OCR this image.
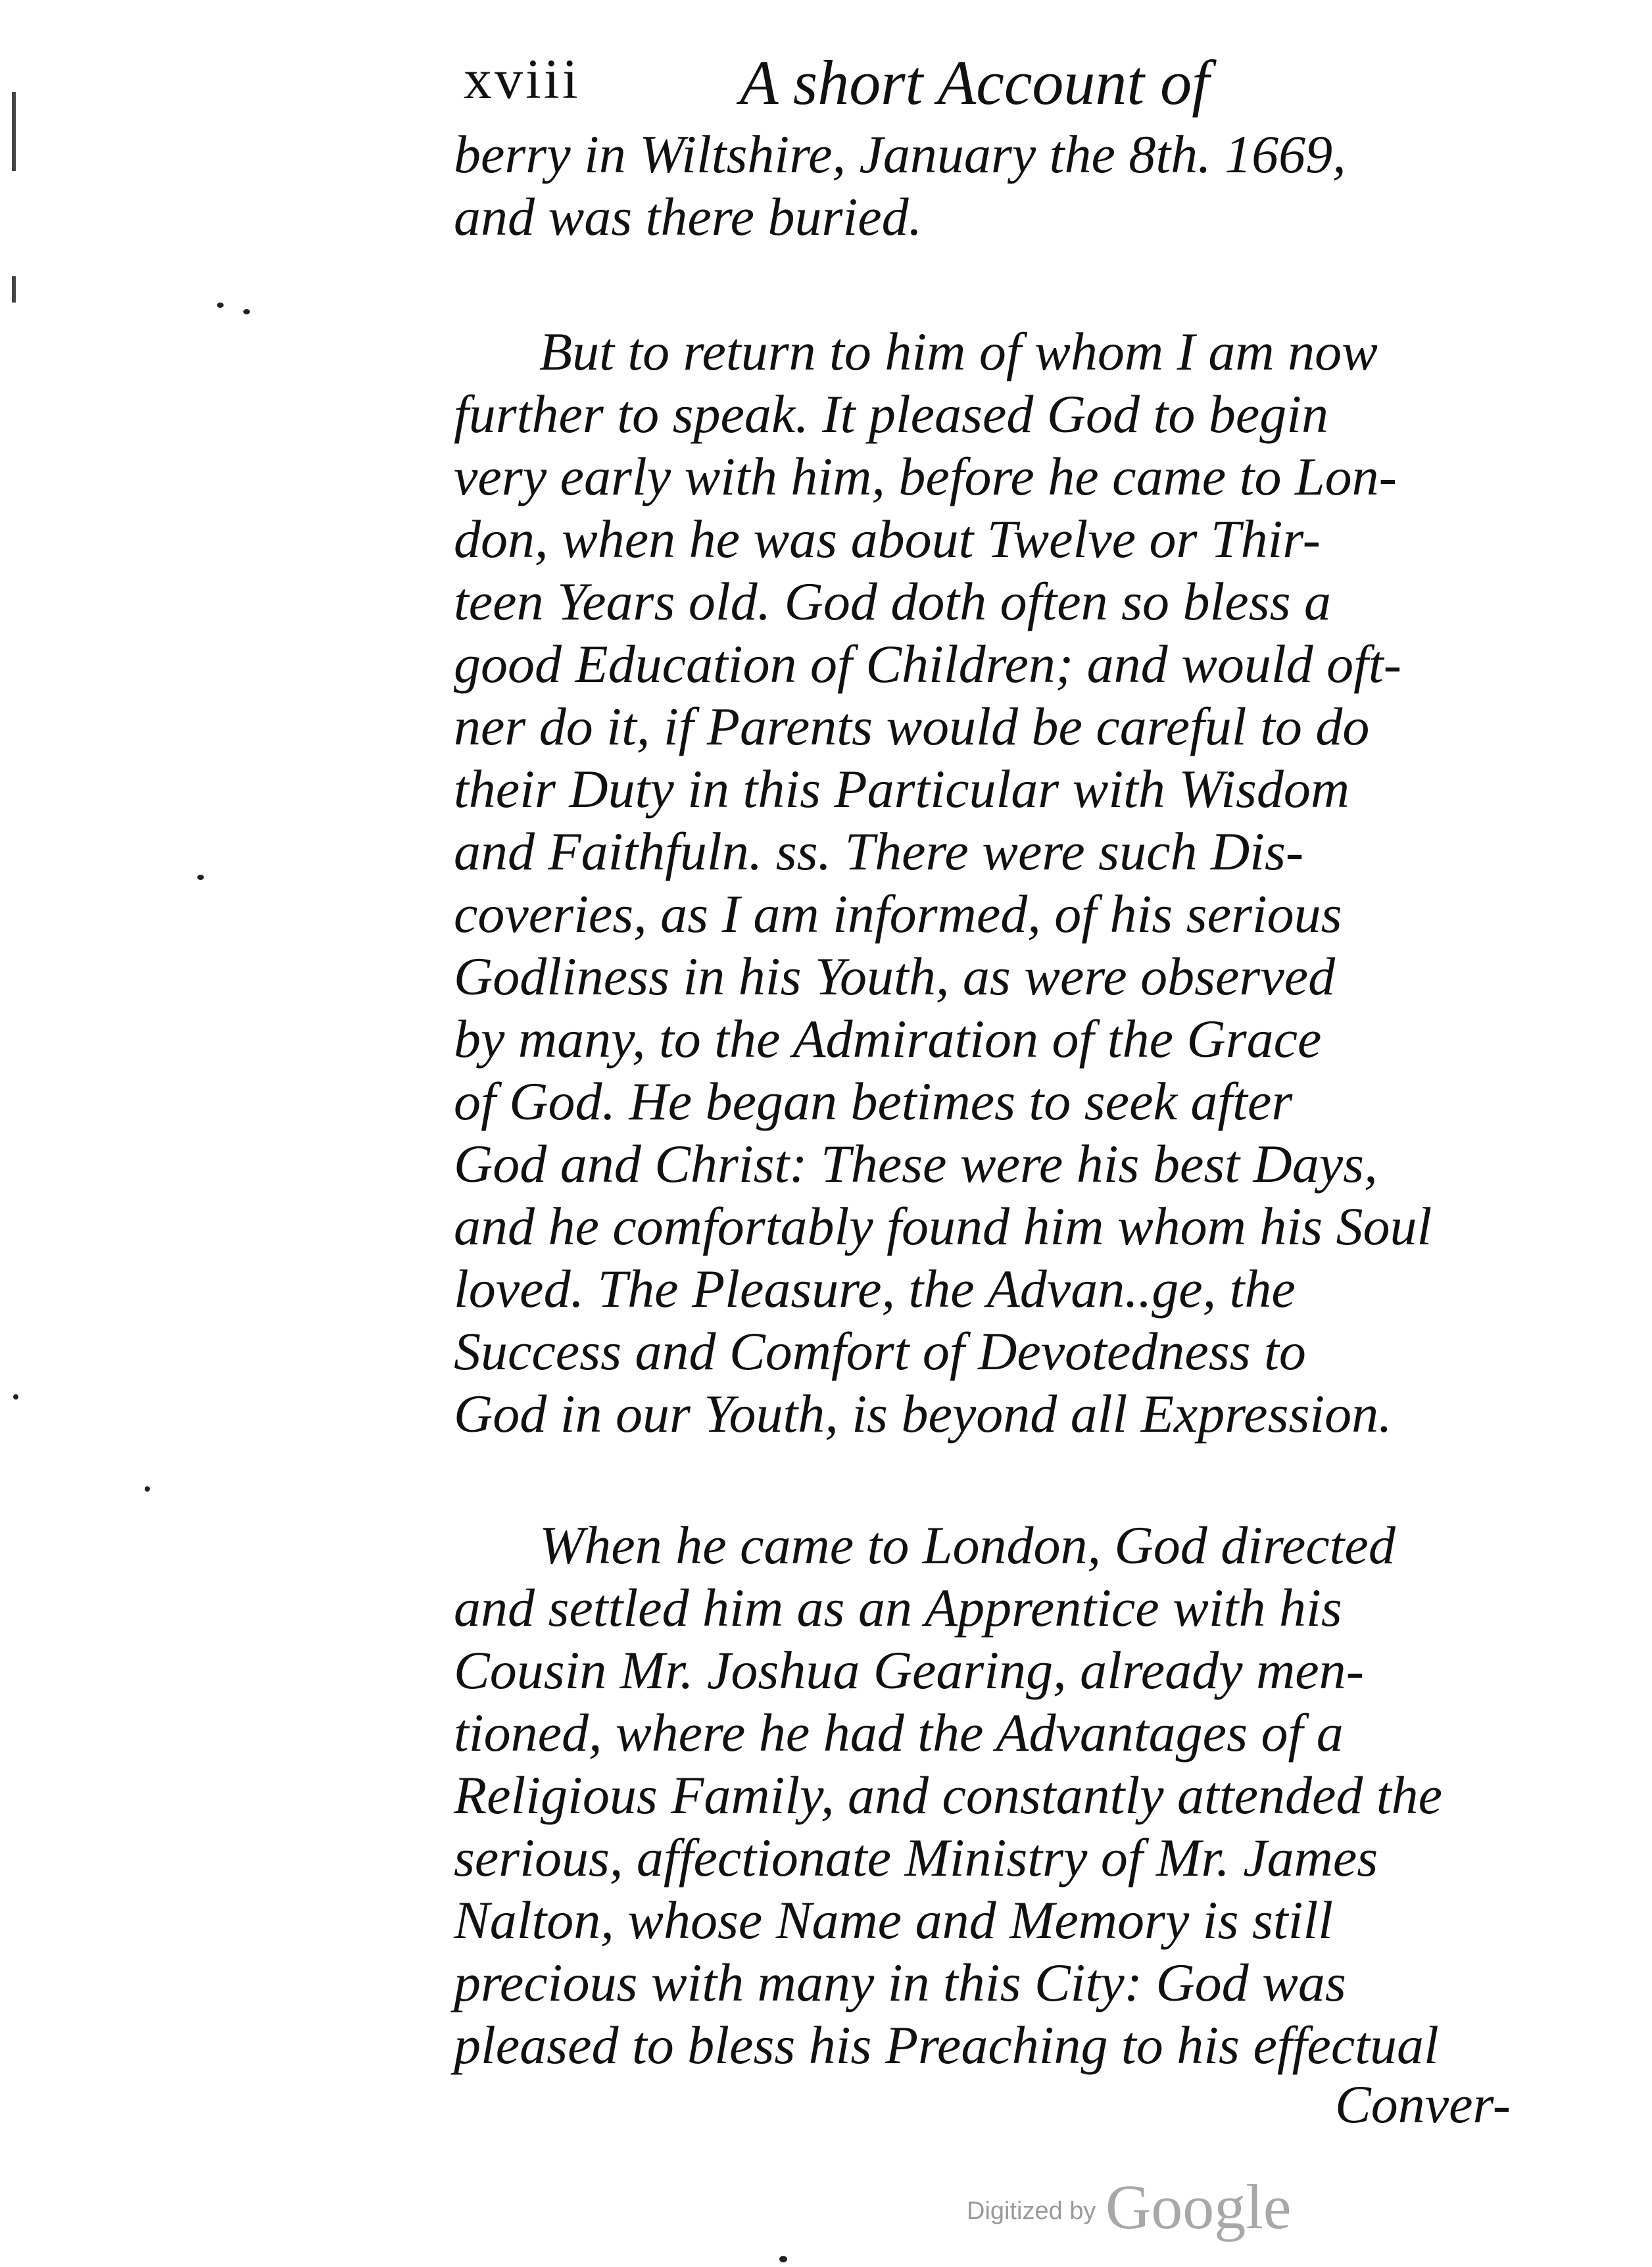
xviii	A short Account of
berry in Wiltshire, January the 8th. 1669,
and was there buried.
But to return to him of whom I am now
further to speak. It pleased God to begin
very early with him, before he came to Lon-
don, when he was about Twelve or Thir-
teen Years old. God doth often so bless a
good Education of Children; and would oft-
ner do it, if Parents would be careful to do
their Duty in this Particular with Wisdom
and Faithfuln. ss. There were such Dis-
coveries, as I am informed, of his serious
Godliness in his Youth, as were observed
by many, to the Admiration of the Grace
of God. He began betimes to seek after
God and Christ: These were his best Days,
and he comfortably found him whom his Soul
loved. The Pleasure, the Advan..ge, the
Success and Comfort of Devotedness to
God in our Youth, is beyond all Expression.
When he came to London, God directed
and settled him as an Apprentice with his
Cousin Mr. Joshua Gearing, already men-
tioned, where he had the Advantages of a
Religious Family, and constantly attended the
serious, affectionate Ministry of Mr. James
Nalton, whose Name and Memory is still
precious with many in this City: God was
pleased to bless his Preaching to his effectual
Conver-
Digitized by Google
